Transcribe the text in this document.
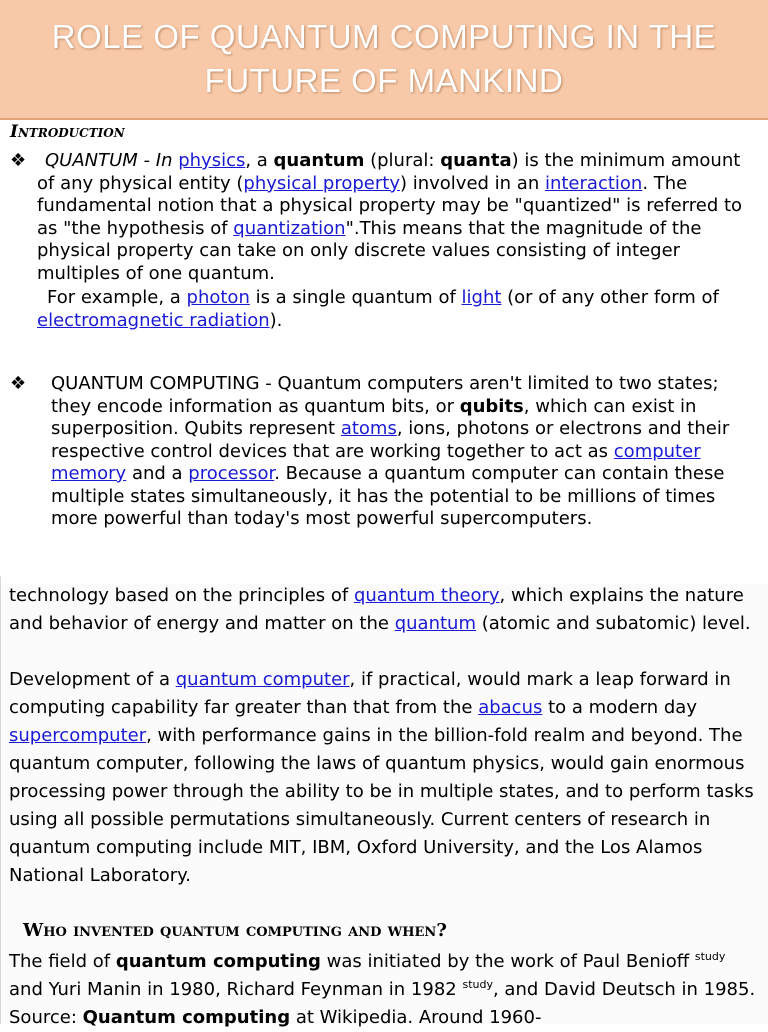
ROLE OF QUANTUM COMPUTING IN THE
FUTURE OF MANKIND
Introduction
❖	QUANTUM - In physics, a quantum (plural: quanta) is the minimum amount of any physical entity (physical property) involved in an interaction. The fundamental notion that a physical property may be "quantized" is referred to as "the hypothesis of quantization".This means that the magnitude of the physical property can take on only discrete values consisting of integer multiples of one quantum.

For example, a photon is a single quantum of light (or of any other form of electromagnetic radiation).

❖	QUANTUM COMPUTING - Quantum computers aren't limited to two states; they encode information as quantum bits, or qubits, which can exist in superposition. Qubits represent atoms, ions, photons or electrons and their respective control devices that are working together to act as computer memory and a processor. Because a quantum computer can contain these multiple states simultaneously, it has the potential to be millions of times more powerful than today's most powerful supercomputers.

technology based on the principles of quantum theory, which explains the nature and behavior of energy and matter on the quantum (atomic and subatomic) level.

Development of a quantum computer, if practical, would mark a leap forward in computing capability far greater than that from the abacus to a modern day supercomputer, with performance gains in the billion-fold realm and beyond. The quantum computer, following the laws of quantum physics, would gain enormous processing power through the ability to be in multiple states, and to perform tasks using all possible permutations simultaneously. Current centers of research in quantum computing include MIT, IBM, Oxford University, and the Los Alamos National Laboratory.

Who invented quantum computing and when?

The field of quantum computing was initiated by the work of Paul Benioff $^{study}$ and Yuri Manin in 1980, Richard Feynman in 1982 $^{study}$, and David Deutsch in 1985. Source: Quantum computing at Wikipedia. Around 1960-
